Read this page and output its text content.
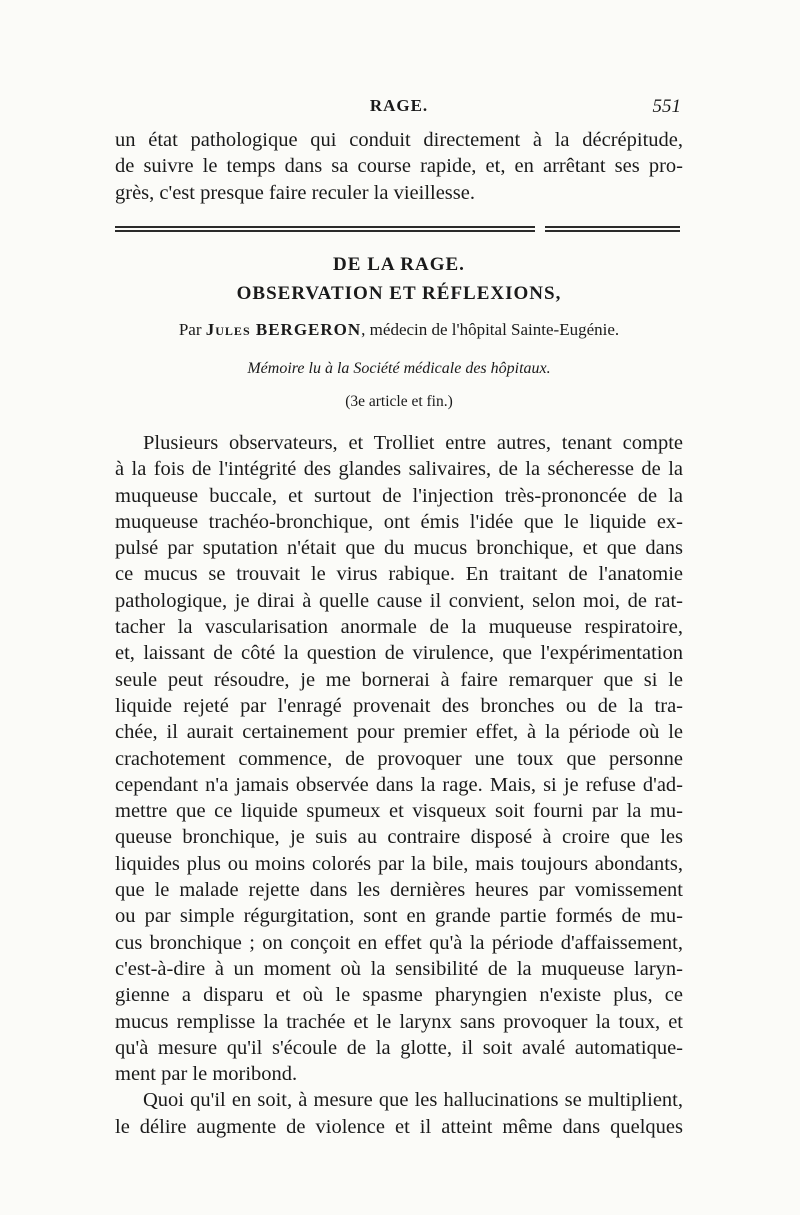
RAGE.	551
un état pathologique qui conduit directement à la décrépitude,
de suivre le temps dans sa course rapide, et, en arrêtant ses pro-
grès, c'est presque faire reculer la vieillesse.
DE LA RAGE.
OBSERVATION ET RÉFLEXIONS,
Par Jules BERGERON, médecin de l'hôpital Sainte-Eugénie.
Mémoire lu à la Société médicale des hôpitaux.
(3e article et fin.)
Plusieurs observateurs, et Trolliet entre autres, tenant compte
à la fois de l'intégrité des glandes salivaires, de la sécheresse de la
muqueuse buccale, et surtout de l'injection très-prononcée de la
muqueuse trachéo-bronchique, ont émis l'idée que le liquide ex-
pulsé par sputation n'était que du mucus bronchique, et que dans
ce mucus se trouvait le virus rabique. En traitant de l'anatomie
pathologique, je dirai à quelle cause il convient, selon moi, de rat-
tacher la vascularisation anormale de la muqueuse respiratoire,
et, laissant de côté la question de virulence, que l'expérimentation
seule peut résoudre, je me bornerai à faire remarquer que si le
liquide rejeté par l'enragé provenait des bronches ou de la tra-
chée, il aurait certainement pour premier effet, à la période où le
crachotement commence, de provoquer une toux que personne
cependant n'a jamais observée dans la rage. Mais, si je refuse d'ad-
mettre que ce liquide spumeux et visqueux soit fourni par la mu-
queuse bronchique, je suis au contraire disposé à croire que les
liquides plus ou moins colorés par la bile, mais toujours abondants,
que le malade rejette dans les dernières heures par vomissement
ou par simple régurgitation, sont en grande partie formés de mu-
cus bronchique ; on conçoit en effet qu'à la période d'affaissement,
c'est-à-dire à un moment où la sensibilité de la muqueuse laryn-
gienne a disparu et où le spasme pharyngien n'existe plus, ce
mucus remplisse la trachée et le larynx sans provoquer la toux, et
qu'à mesure qu'il s'écoule de la glotte, il soit avalé automatique-
ment par le moribond.
Quoi qu'il en soit, à mesure que les hallucinations se multiplient,
le délire augmente de violence et il atteint même dans quelques
